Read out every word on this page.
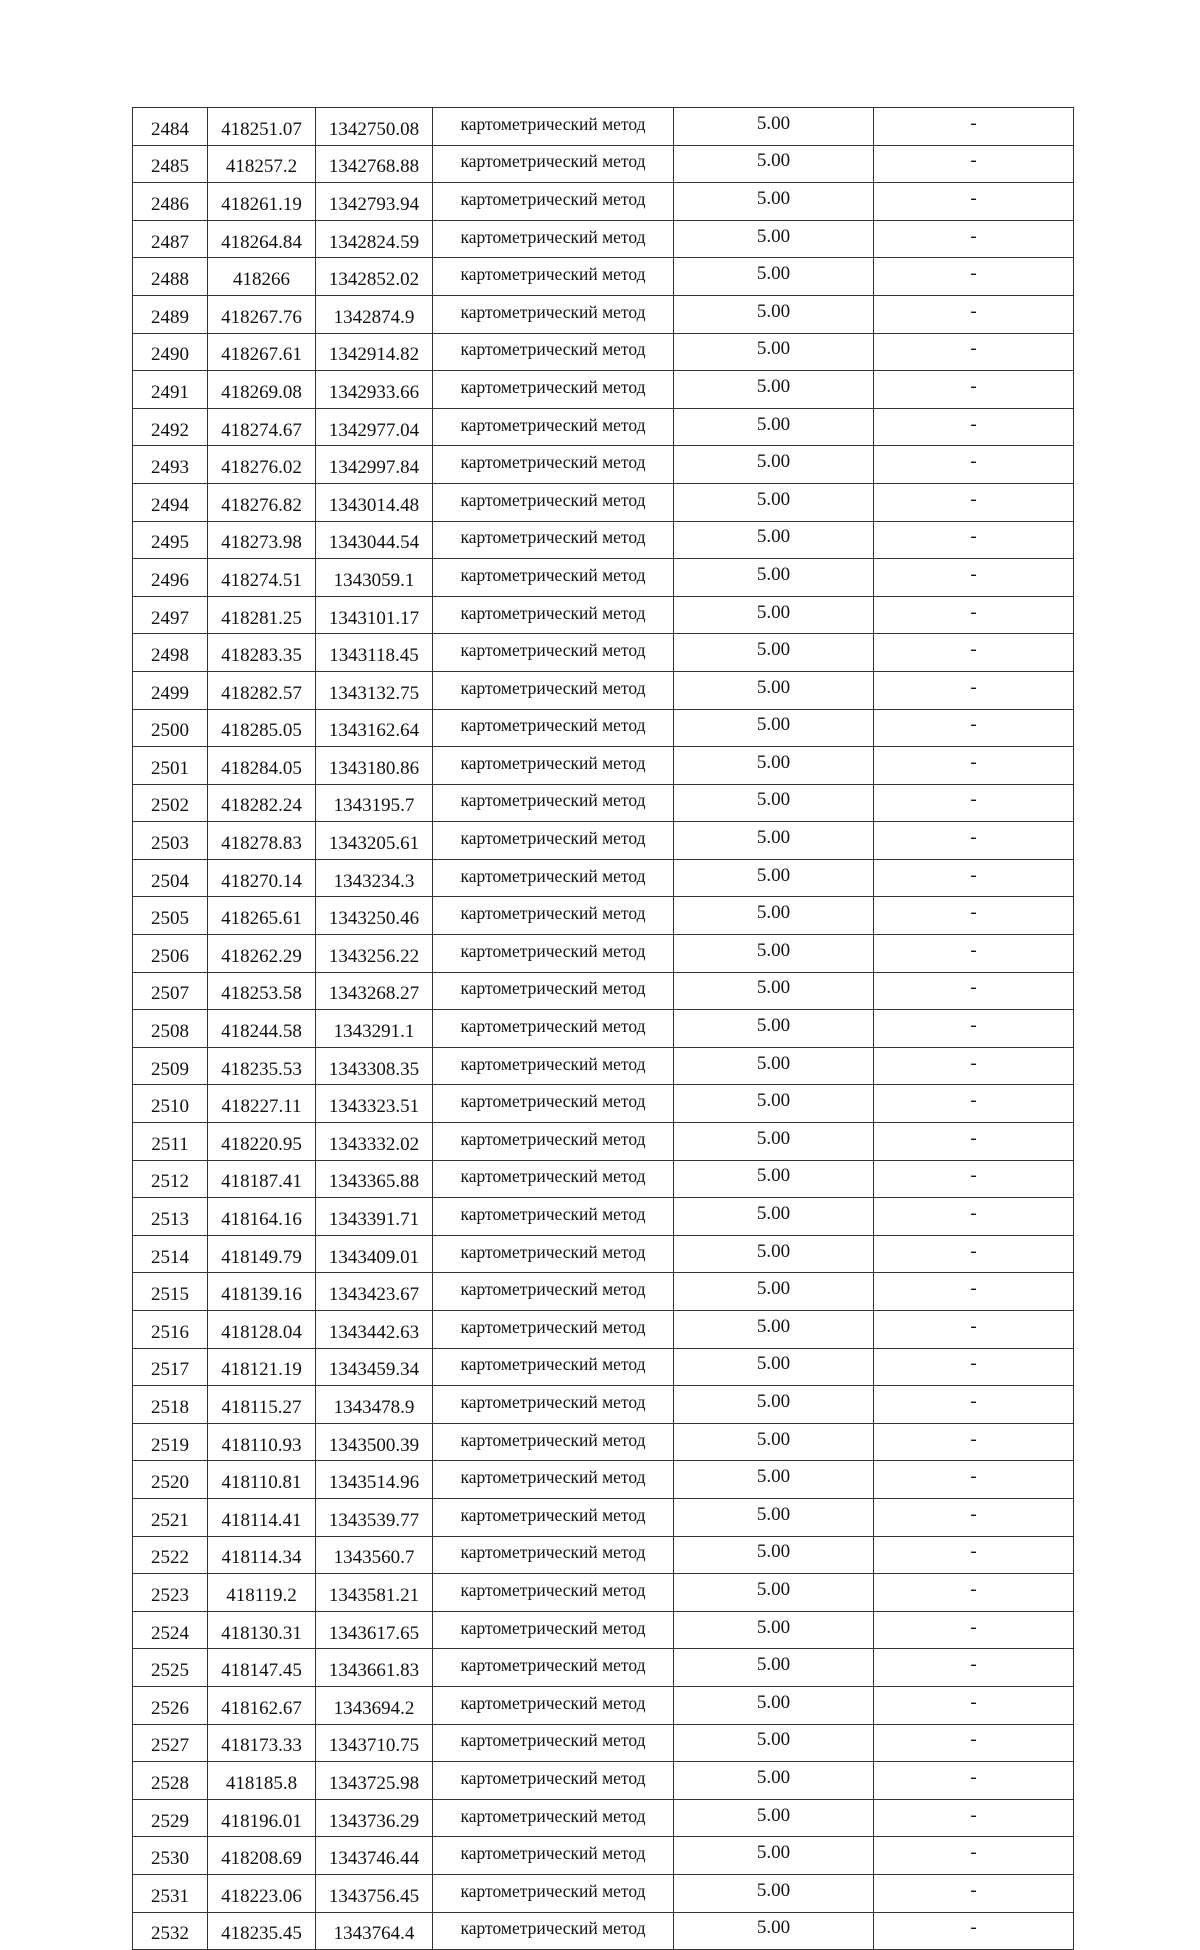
2484	418251.07	1342750.08	картометрический метод	5.00	-
2485	418257.2	1342768.88	картометрический метод	5.00	-
2486	418261.19	1342793.94	картометрический метод	5.00	-
2487	418264.84	1342824.59	картометрический метод	5.00	-
2488	418266	1342852.02	картометрический метод	5.00	-
2489	418267.76	1342874.9	картометрический метод	5.00	-
2490	418267.61	1342914.82	картометрический метод	5.00	-
2491	418269.08	1342933.66	картометрический метод	5.00	-
2492	418274.67	1342977.04	картометрический метод	5.00	-
2493	418276.02	1342997.84	картометрический метод	5.00	-
2494	418276.82	1343014.48	картометрический метод	5.00	-
2495	418273.98	1343044.54	картометрический метод	5.00	-
2496	418274.51	1343059.1	картометрический метод	5.00	-
2497	418281.25	1343101.17	картометрический метод	5.00	-
2498	418283.35	1343118.45	картометрический метод	5.00	-
2499	418282.57	1343132.75	картометрический метод	5.00	-
2500	418285.05	1343162.64	картометрический метод	5.00	-
2501	418284.05	1343180.86	картометрический метод	5.00	-
2502	418282.24	1343195.7	картометрический метод	5.00	-
2503	418278.83	1343205.61	картометрический метод	5.00	-
2504	418270.14	1343234.3	картометрический метод	5.00	-
2505	418265.61	1343250.46	картометрический метод	5.00	-
2506	418262.29	1343256.22	картометрический метод	5.00	-
2507	418253.58	1343268.27	картометрический метод	5.00	-
2508	418244.58	1343291.1	картометрический метод	5.00	-
2509	418235.53	1343308.35	картометрический метод	5.00	-
2510	418227.11	1343323.51	картометрический метод	5.00	-
2511	418220.95	1343332.02	картометрический метод	5.00	-
2512	418187.41	1343365.88	картометрический метод	5.00	-
2513	418164.16	1343391.71	картометрический метод	5.00	-
2514	418149.79	1343409.01	картометрический метод	5.00	-
2515	418139.16	1343423.67	картометрический метод	5.00	-
2516	418128.04	1343442.63	картометрический метод	5.00	-
2517	418121.19	1343459.34	картометрический метод	5.00	-
2518	418115.27	1343478.9	картометрический метод	5.00	-
2519	418110.93	1343500.39	картометрический метод	5.00	-
2520	418110.81	1343514.96	картометрический метод	5.00	-
2521	418114.41	1343539.77	картометрический метод	5.00	-
2522	418114.34	1343560.7	картометрический метод	5.00	-
2523	418119.2	1343581.21	картометрический метод	5.00	-
2524	418130.31	1343617.65	картометрический метод	5.00	-
2525	418147.45	1343661.83	картометрический метод	5.00	-
2526	418162.67	1343694.2	картометрический метод	5.00	-
2527	418173.33	1343710.75	картометрический метод	5.00	-
2528	418185.8	1343725.98	картометрический метод	5.00	-
2529	418196.01	1343736.29	картометрический метод	5.00	-
2530	418208.69	1343746.44	картометрический метод	5.00	-
2531	418223.06	1343756.45	картометрический метод	5.00	-
2532	418235.45	1343764.4	картометрический метод	5.00	-
